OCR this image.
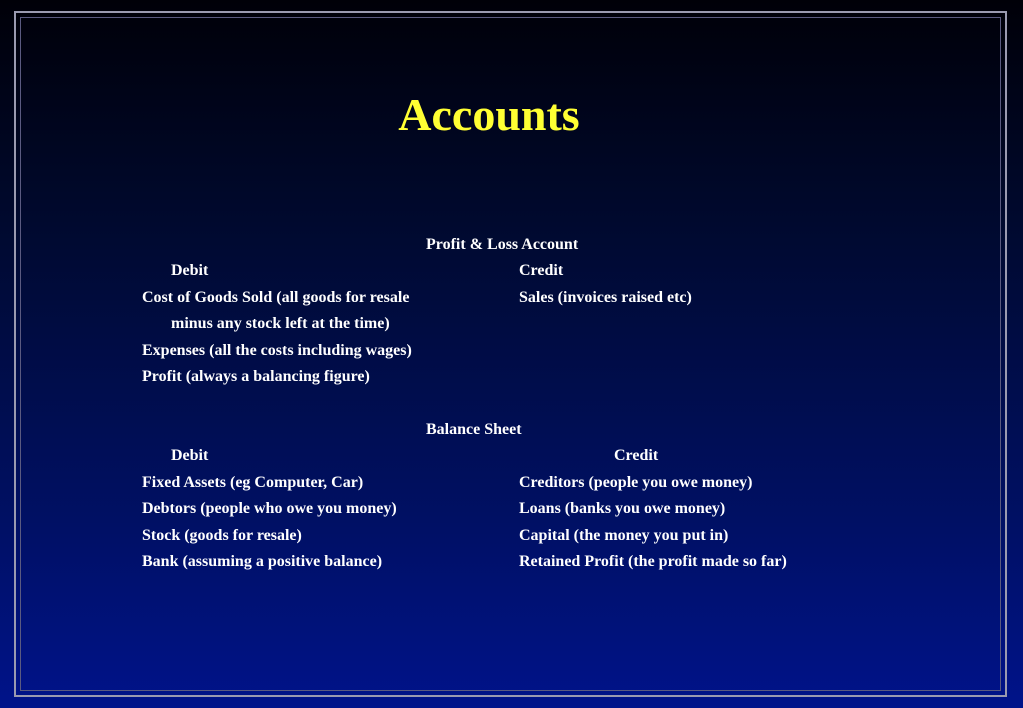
Accounts
Profit & Loss Account
Debit	Credit
Cost of Goods Sold (all goods for resale	Sales (invoices raised etc)
minus any stock left at the time)
Expenses (all the costs including wages)
Profit (always a balancing figure)
Balance Sheet
Debit	Credit
Fixed Assets (eg Computer, Car)	Creditors (people you owe money)
Debtors (people who owe you money)	Loans (banks you owe money)
Stock (goods for resale)	Capital (the money you put in)
Bank (assuming a positive balance)	Retained Profit (the profit made so far)
